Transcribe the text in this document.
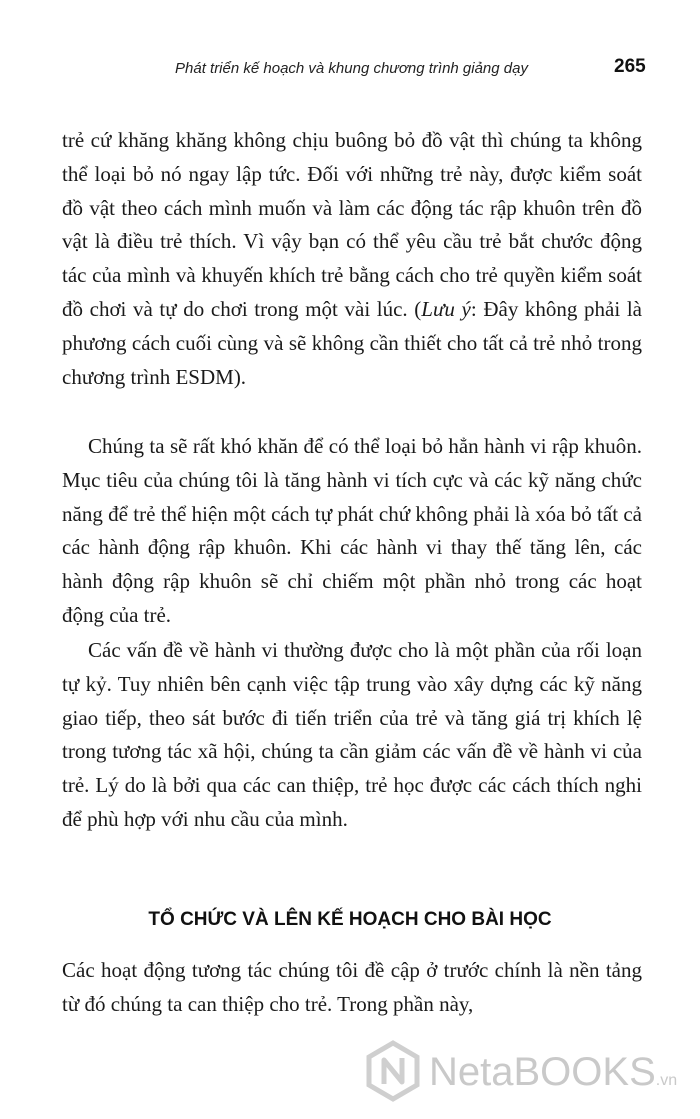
Phát triển kế hoạch và khung chương trình giảng dạy	265

trẻ cứ khăng khăng không chịu buông bỏ đồ vật thì chúng ta không thể loại bỏ nó ngay lập tức. Đối với những trẻ này, được kiểm soát đồ vật theo cách mình muốn và làm các động tác rập khuôn trên đồ vật là điều trẻ thích. Vì vậy bạn có thể yêu cầu trẻ bắt chước động tác của mình và khuyến khích trẻ bằng cách cho trẻ quyền kiểm soát đồ chơi và tự do chơi trong một vài lúc. (Lưu ý: Đây không phải là phương cách cuối cùng và sẽ không cần thiết cho tất cả trẻ nhỏ trong chương trình ESDM).

Chúng ta sẽ rất khó khăn để có thể loại bỏ hẳn hành vi rập khuôn. Mục tiêu của chúng tôi là tăng hành vi tích cực và các kỹ năng chức năng để trẻ thể hiện một cách tự phát chứ không phải là xóa bỏ tất cả các hành động rập khuôn. Khi các hành vi thay thế tăng lên, các hành động rập khuôn sẽ chỉ chiếm một phần nhỏ trong các hoạt động của trẻ.

Các vấn đề về hành vi thường được cho là một phần của rối loạn tự kỷ. Tuy nhiên bên cạnh việc tập trung vào xây dựng các kỹ năng giao tiếp, theo sát bước đi tiến triển của trẻ và tăng giá trị khích lệ trong tương tác xã hội, chúng ta cần giảm các vấn đề về hành vi của trẻ. Lý do là bởi qua các can thiệp, trẻ học được các cách thích nghi để phù hợp với nhu cầu của mình.

TỔ CHỨC VÀ LÊN KẾ HOẠCH CHO BÀI HỌC

Các hoạt động tương tác chúng tôi đề cập ở trước chính là nền tảng từ đó chúng ta can thiệp cho trẻ. Trong phần này,

NetaBOOKS.vn
